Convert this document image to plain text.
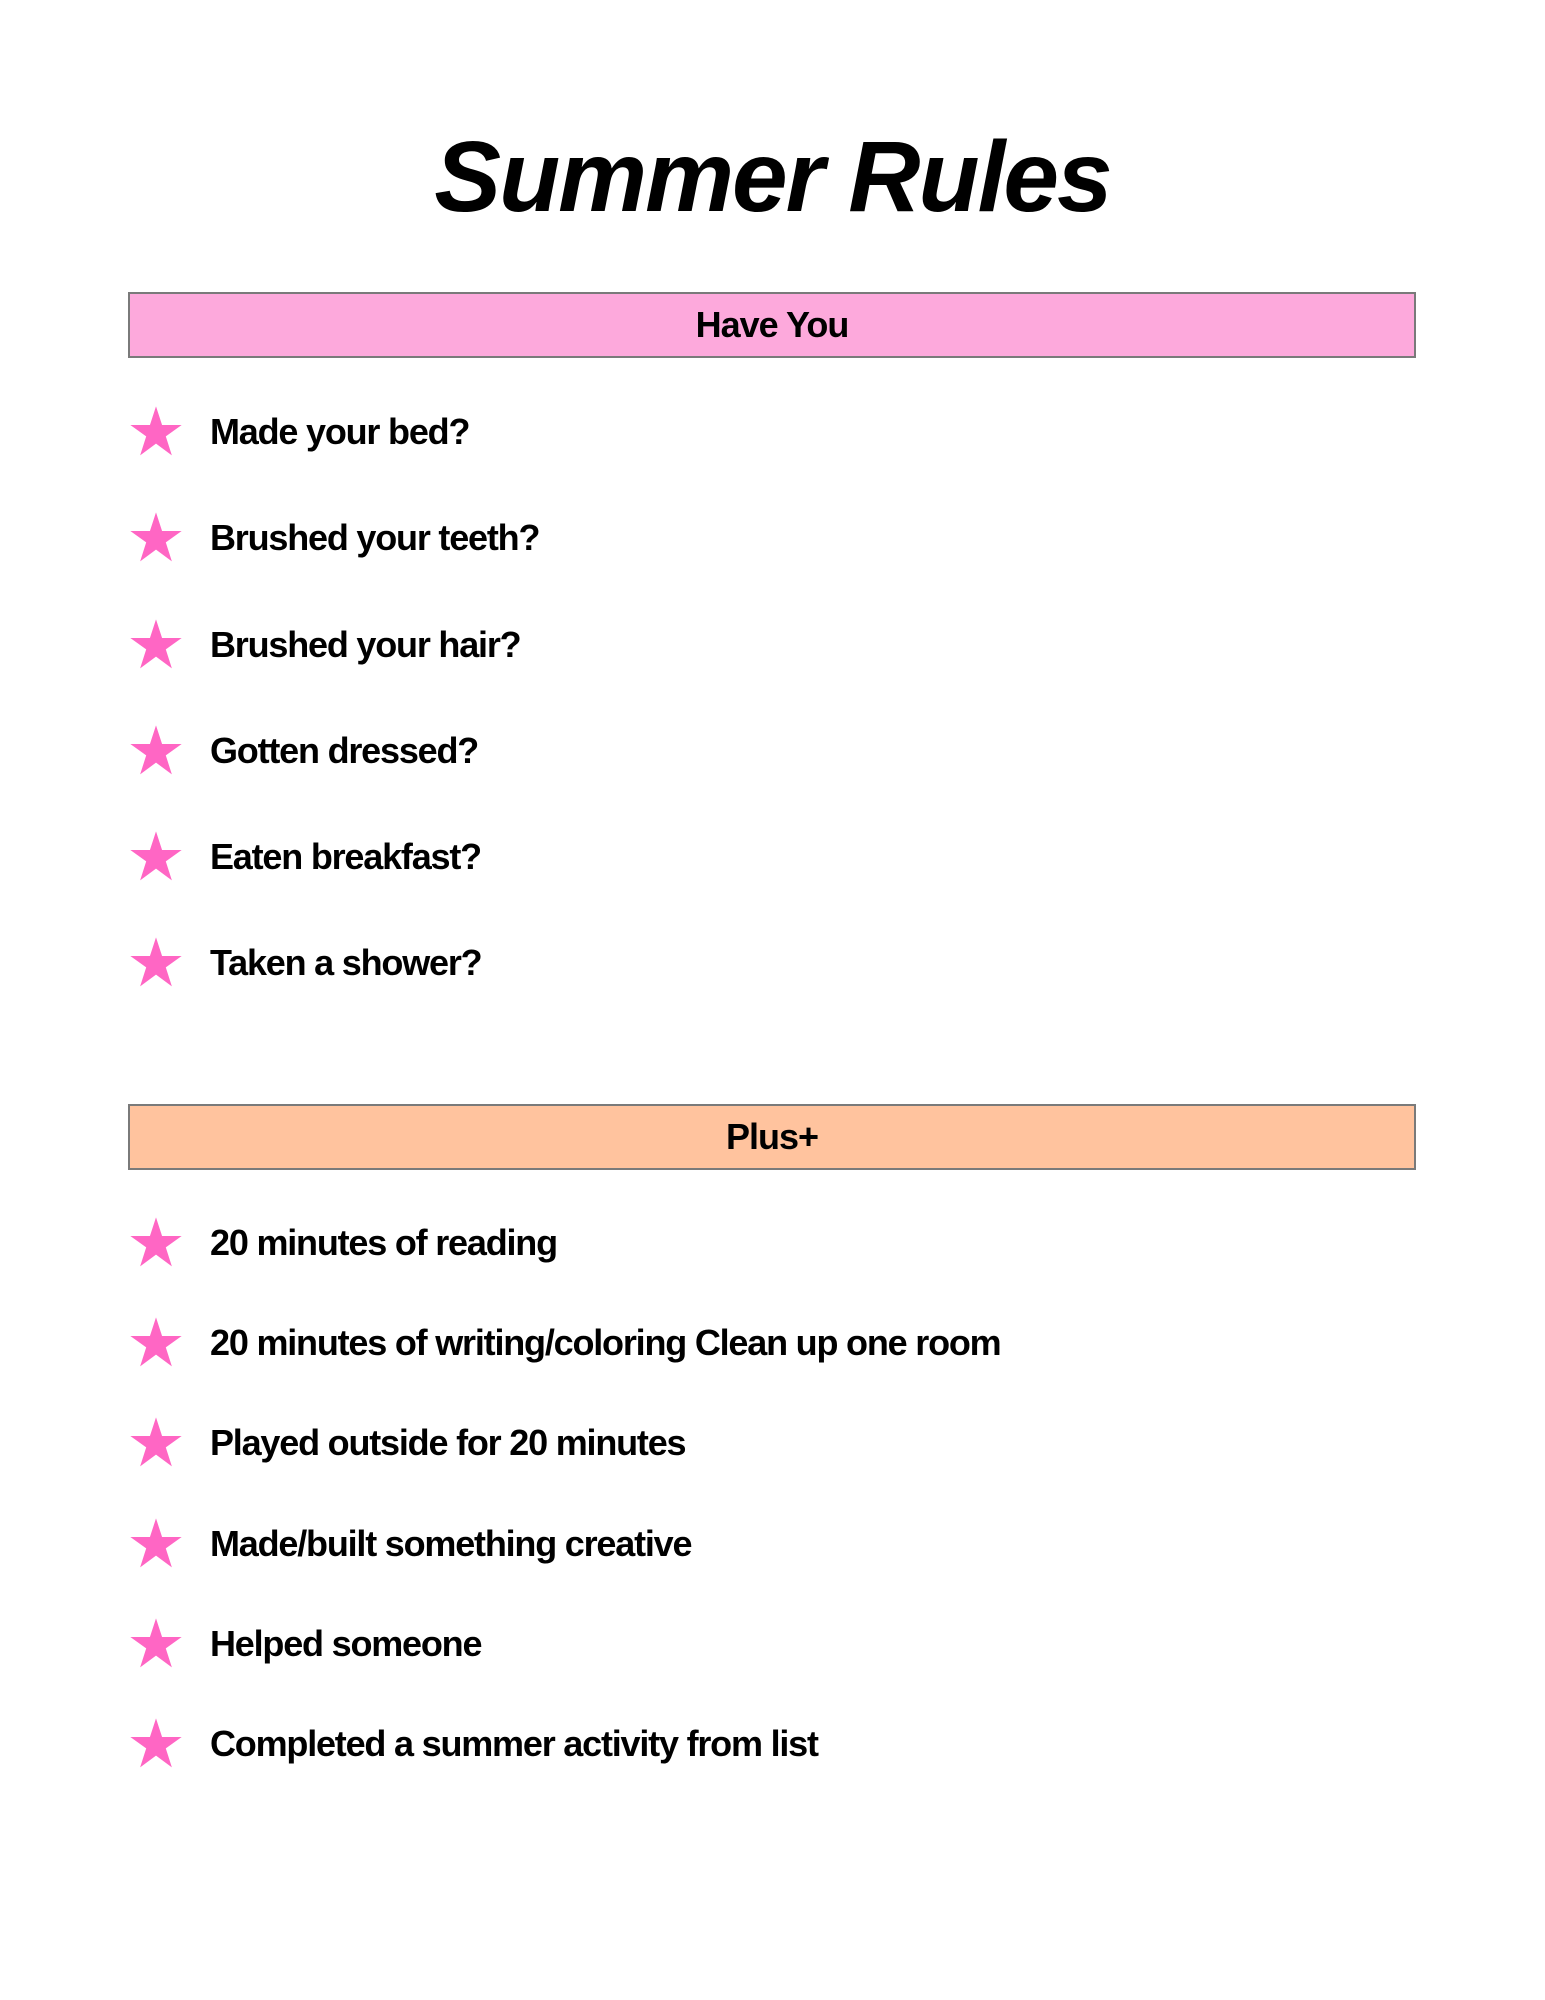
Summer Rules
Have You
Plus+
Made your bed?
Brushed your teeth?
Brushed your hair?
Gotten dressed?
Eaten breakfast?
Taken a shower?
20 minutes of reading
20 minutes of writing/coloring Clean up one room
Played outside for 20 minutes
Made/built something creative
Helped someone
Completed a summer activity from list
